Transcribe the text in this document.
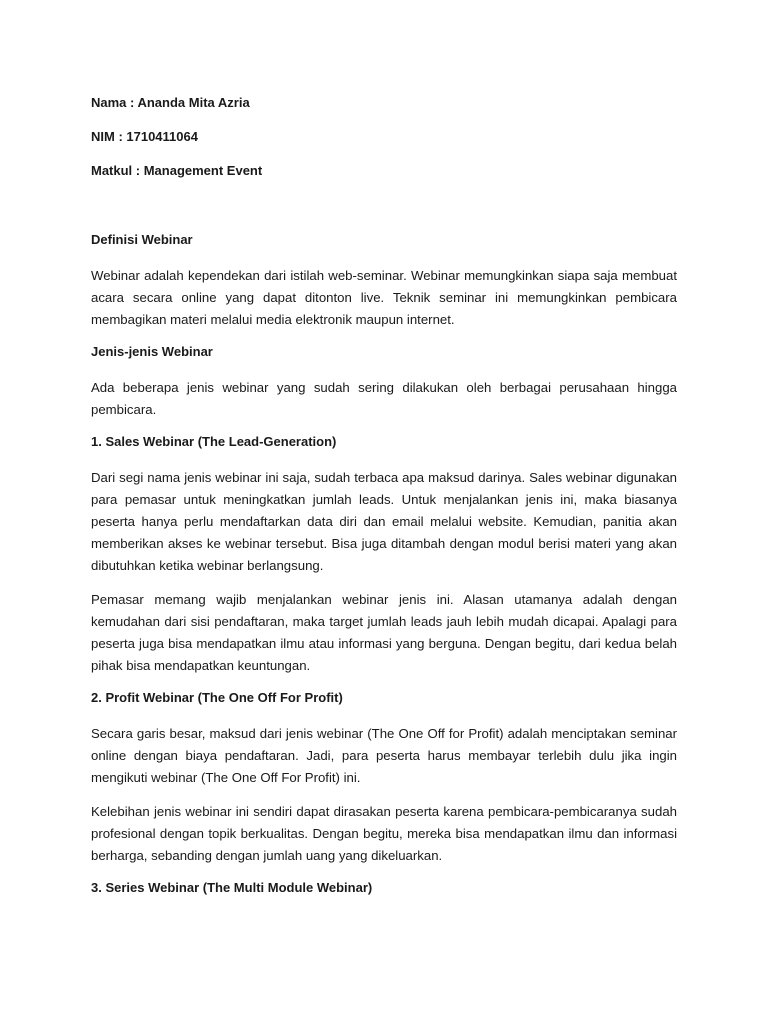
Nama : Ananda Mita Azria
NIM : 1710411064
Matkul : Management Event
Definisi Webinar

Webinar adalah kependekan dari istilah web-seminar. Webinar memungkinkan siapa saja membuat acara secara online yang dapat ditonton live. Teknik seminar ini memungkinkan pembicara membagikan materi melalui media elektronik maupun internet.

Jenis-jenis Webinar

Ada beberapa jenis webinar yang sudah sering dilakukan oleh berbagai perusahaan hingga pembicara.

1. Sales Webinar (The Lead-Generation)

Dari segi nama jenis webinar ini saja, sudah terbaca apa maksud darinya. Sales webinar digunakan para pemasar untuk meningkatkan jumlah leads. Untuk menjalankan jenis ini, maka biasanya peserta hanya perlu mendaftarkan data diri dan email melalui website. Kemudian, panitia akan memberikan akses ke webinar tersebut. Bisa juga ditambah dengan modul berisi materi yang akan dibutuhkan ketika webinar berlangsung.

Pemasar memang wajib menjalankan webinar jenis ini. Alasan utamanya adalah dengan kemudahan dari sisi pendaftaran, maka target jumlah leads jauh lebih mudah dicapai. Apalagi para peserta juga bisa mendapatkan ilmu atau informasi yang berguna. Dengan begitu, dari kedua belah pihak bisa mendapatkan keuntungan.

2. Profit Webinar (The One Off For Profit)

Secara garis besar, maksud dari jenis webinar (The One Off for Profit) adalah menciptakan seminar online dengan biaya pendaftaran. Jadi, para peserta harus membayar terlebih dulu jika ingin mengikuti webinar (The One Off For Profit) ini.

Kelebihan jenis webinar ini sendiri dapat dirasakan peserta karena pembicara-pembicaranya sudah profesional dengan topik berkualitas. Dengan begitu, mereka bisa mendapatkan ilmu dan informasi berharga, sebanding dengan jumlah uang yang dikeluarkan.

3. Series Webinar (The Multi Module Webinar)
